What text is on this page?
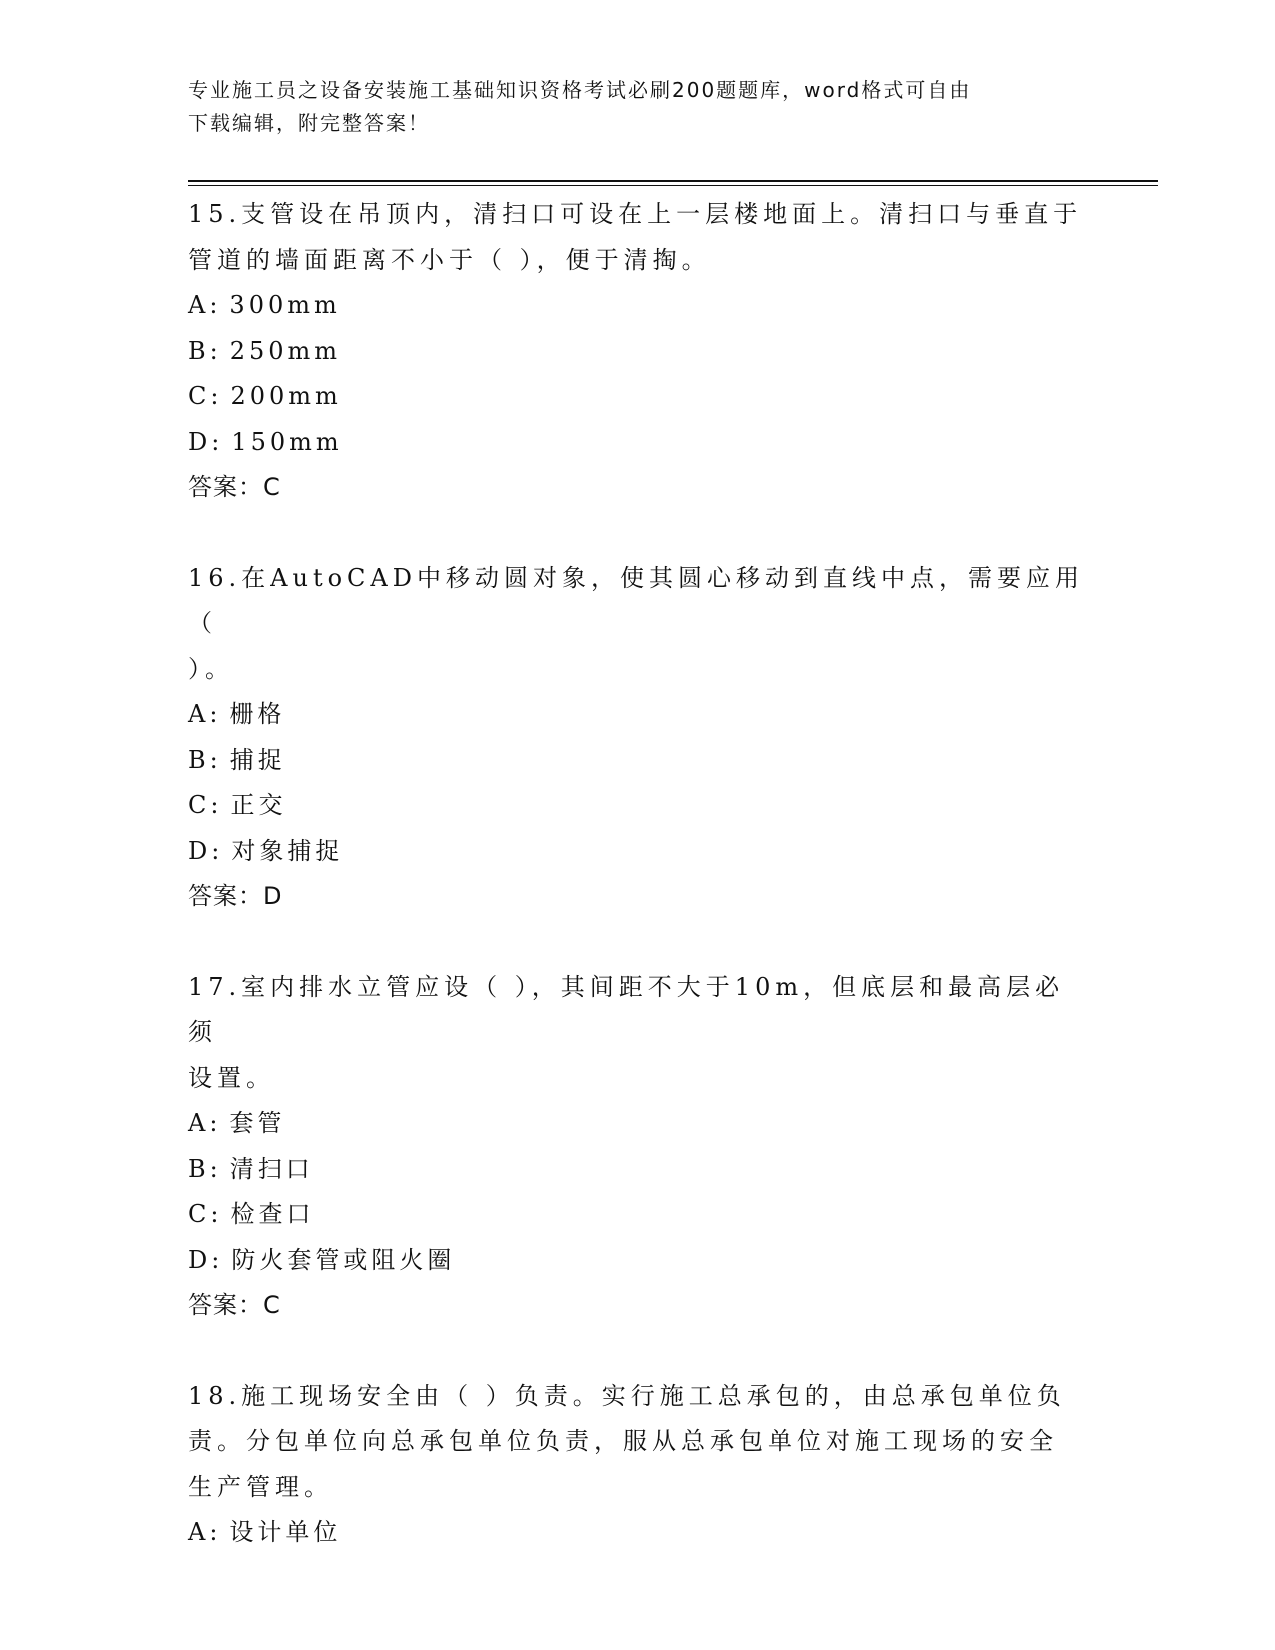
专业施工员之设备安装施工基础知识资格考试必刷200题题库，word格式可自由
下载编辑，附完整答案！

15.支管设在吊顶内，清扫口可设在上一层楼地面上。清扫口与垂直于

管道的墙面距离不小于（ ），便于清掏。

A: 300mm

B: 250mm

C: 200mm

D: 150mm

答案：C

16.在AutoCAD中移动圆对象，使其圆心移动到直线中点，需要应用（

）。

A: 栅格

B: 捕捉

C: 正交

D: 对象捕捉

答案：D

17.室内排水立管应设（ ），其间距不大于10m，但底层和最高层必须

设置。

A: 套管

B: 清扫口

C: 检查口

D: 防火套管或阻火圈

答案：C

18.施工现场安全由（ ）负责。实行施工总承包的，由总承包单位负

责。分包单位向总承包单位负责，服从总承包单位对施工现场的安全

生产管理。

A: 设计单位
